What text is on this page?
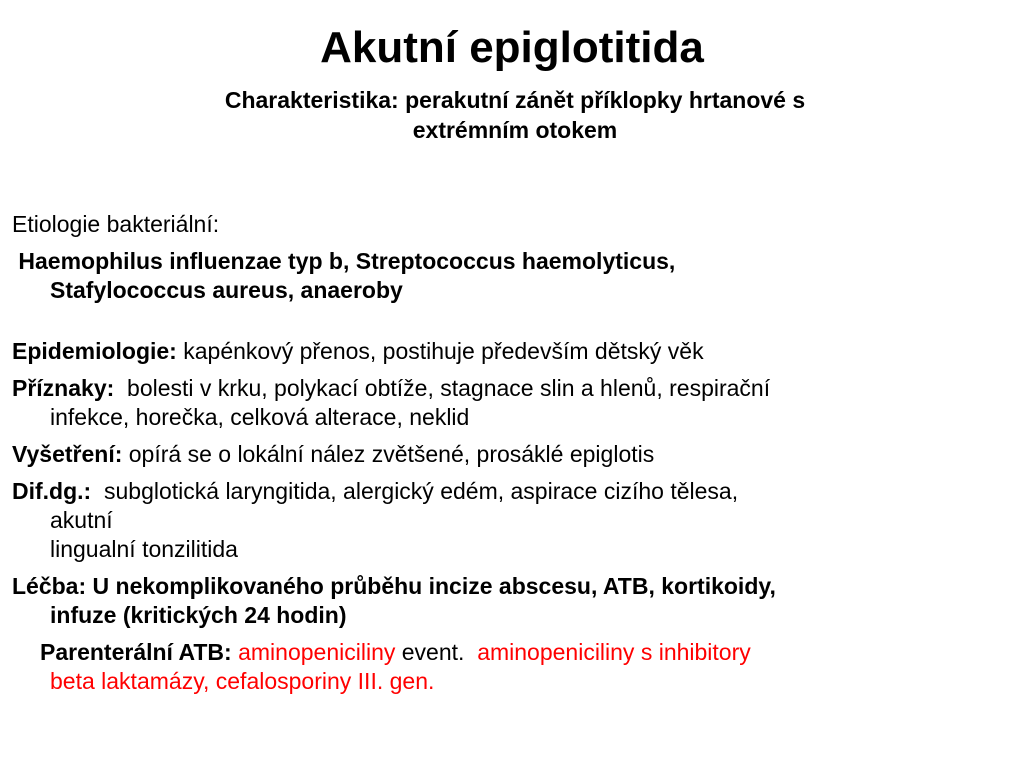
Akutní epiglotitida
Charakteristika: perakutní zánět příklopky hrtanové s
extrémním otokem

Etiologie bakteriální:

Haemophilus influenzae typ b, Streptococcus haemolyticus,
Stafylococcus aureus, anaeroby

Epidemiologie: kapénkový přenos, postihuje především dětský věk

Příznaky:  bolesti v krku, polykací obtíže, stagnace slin a hlenů, respirační
infekce, horečka, celková alterace, neklid

Vyšetření: opírá se o lokální nález zvětšené, prosáklé epiglotis

Dif.dg.:  subglotická laryngitida, alergický edém, aspirace cizího tělesa,
akutní
lingualní tonzilitida

Léčba: U nekomplikovaného průběhu incize abscesu, ATB, kortikoidy,
infuze (kritických 24 hodin)

Parenterální ATB: aminopeniciliny event.  aminopeniciliny s inhibitory
beta laktamázy, cefalosporiny III. gen.
